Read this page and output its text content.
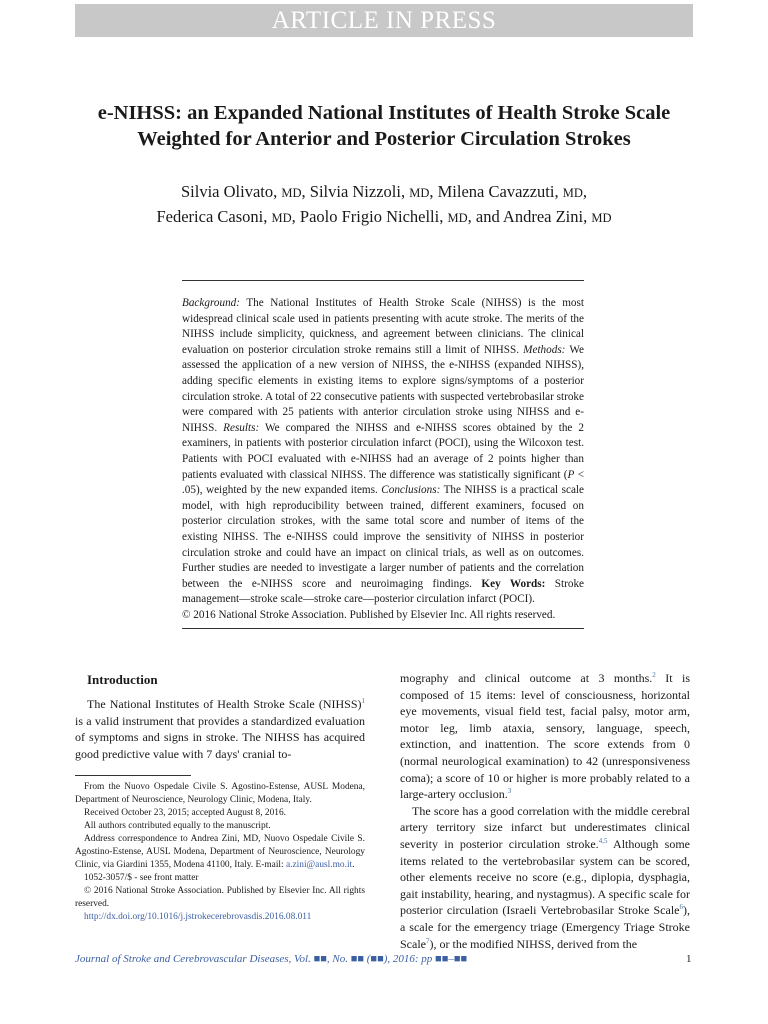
ARTICLE IN PRESS
e-NIHSS: an Expanded National Institutes of Health Stroke Scale Weighted for Anterior and Posterior Circulation Strokes
Silvia Olivato, MD, Silvia Nizzoli, MD, Milena Cavazzuti, MD,
Federica Casoni, MD, Paolo Frigio Nichelli, MD, and Andrea Zini, MD
Background: The National Institutes of Health Stroke Scale (NIHSS) is the most widespread clinical scale used in patients presenting with acute stroke. The merits of the NIHSS include simplicity, quickness, and agreement between clinicians. The clinical evaluation on posterior circulation stroke remains still a limit of NIHSS. Methods: We assessed the application of a new version of NIHSS, the e-NIHSS (expanded NIHSS), adding specific elements in existing items to explore signs/symptoms of a posterior circulation stroke. A total of 22 consecutive patients with suspected vertebrobasilar stroke were compared with 25 patients with anterior circulation stroke using NIHSS and e-NIHSS. Results: We compared the NIHSS and e-NIHSS scores obtained by the 2 examiners, in patients with posterior circulation infarct (POCI), using the Wilcoxon test. Patients with POCI evaluated with e-NIHSS had an average of 2 points higher than patients evaluated with classical NIHSS. The difference was statistically significant (P < .05), weighted by the new expanded items. Conclusions: The NIHSS is a practical scale model, with high reproducibility between trained, different examiners, focused on posterior circulation strokes, with the same total score and number of items of the existing NIHSS. The e-NIHSS could improve the sensitivity of NIHSS in posterior circulation stroke and could have an impact on clinical trials, as well as on outcomes. Further studies are needed to investigate a larger number of patients and the correlation between the e-NIHSS score and neuroimaging findings. Key Words: Stroke management—stroke scale—stroke care—posterior circulation infarct (POCI).
© 2016 National Stroke Association. Published by Elsevier Inc. All rights reserved.
Introduction

The National Institutes of Health Stroke Scale (NIHSS)$^1$ is a valid instrument that provides a standardized evaluation of symptoms and signs in stroke. The NIHSS has acquired good predictive value with 7 days' cranial to-

From the Nuovo Ospedale Civile S. Agostino-Estense, AUSL Modena, Department of Neuroscience, Neurology Clinic, Modena, Italy.

Received October 23, 2015; accepted August 8, 2016.

All authors contributed equally to the manuscript.

Address correspondence to Andrea Zini, MD, Nuovo Ospedale Civile S. Agostino-Estense, AUSL Modena, Department of Neuroscience, Neurology Clinic, via Giardini 1355, Modena 41100, Italy. E-mail: a.zini@ausl.mo.it.

1052-3057/$ - see front matter

© 2016 National Stroke Association. Published by Elsevier Inc. All rights reserved.

http://dx.doi.org/10.1016/j.jstrokecerebrovasdis.2016.08.011

mography and clinical outcome at 3 months.$^2$ It is composed of 15 items: level of consciousness, horizontal eye movements, visual field test, facial palsy, motor arm, motor leg, limb ataxia, sensory, language, speech, extinction, and inattention. The score extends from 0 (normal neurological examination) to 42 (unresponsiveness coma); a score of 10 or higher is more probably related to a large-artery occlusion.$^3$

The score has a good correlation with the middle cerebral artery territory size infarct but underestimates clinical severity in posterior circulation stroke.$^{4,5}$ Although some items related to the vertebrobasilar system can be scored, other elements receive no score (e.g., diplopia, dysphagia, gait instability, hearing, and nystagmus). A specific scale for posterior circulation (Israeli Vertebrobasilar Stroke Scale$^6$), a scale for the emergency triage (Emergency Triage Stroke Scale$^7$), or the modified NIHSS, derived from the

Journal of Stroke and Cerebrovascular Diseases, Vol. ■■, No. ■■ (■■), 2016: pp ■■–■■	1
